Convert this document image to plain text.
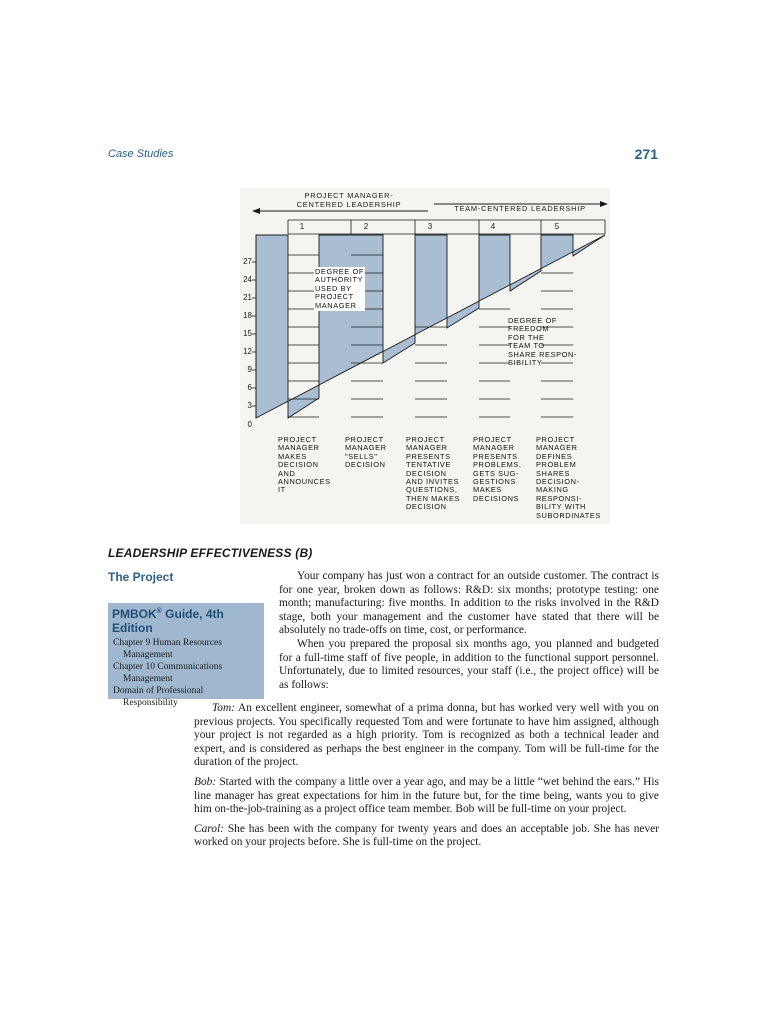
Case Studies	271
PROJECT MANAGER-
CENTERED LEADERSHIP	TEAM-CENTERED LEADERSHIP
1	2	3	4	5
27
24
21
18
15
12
9
6
3
0
DEGREE OF
AUTHORITY
USED BY
PROJECT
MANAGER
DEGREE OF
FREEDOM
FOR THE
TEAM TO
SHARE RESPON-
SIBILITY
PROJECT
MANAGER
MAKES
DECISION
AND
ANNOUNCES
IT
PROJECT
MANAGER
"SELLS"
DECISION
PROJECT
MANAGER
PRESENTS
TENTATIVE
DECISION
AND INVITES
QUESTIONS,
THEN MAKES
DECISION
PROJECT
MANAGER
PRESENTS
PROBLEMS,
GETS SUG-
GESTIONS
MAKES
DECISIONS
PROJECT
MANAGER
DEFINES
PROBLEM
SHARES
DECISION-
MAKING
RESPONSI-
BILITY WITH
SUBORDINATES
LEADERSHIP EFFECTIVENESS (B)
The Project
PMBOK® Guide, 4th Edition
Chapter 9 Human Resources
Management
Chapter 10 Communications
Management
Domain of Professional
Responsibility

Your company has just won a contract for an outside customer. The contract is for one year, broken down as follows: R&D: six months; prototype testing: one month; manufacturing: five months. In addition to the risks involved in the R&D stage, both your management and the customer have stated that there will be absolutely no trade-offs on time, cost, or performance.

When you prepared the proposal six months ago, you planned and budgeted for a full-time staff of five people, in addition to the functional support personnel. Unfortunately, due to limited resources, your staff (i.e., the project office) will be as follows:

Tom: An excellent engineer, somewhat of a prima donna, but has worked very well with you on previous projects. You specifically requested Tom and were fortunate to have him assigned, although your project is not regarded as a high priority. Tom is recognized as both a technical leader and expert, and is considered as perhaps the best engineer in the company. Tom will be full-time for the duration of the project.

Bob: Started with the company a little over a year ago, and may be a little “wet behind the ears.” His line manager has great expectations for him in the future but, for the time being, wants you to give him on-the-job-training as a project office team member. Bob will be full-time on your project.

Carol: She has been with the company for twenty years and does an acceptable job. She has never worked on your projects before. She is full-time on the project.
